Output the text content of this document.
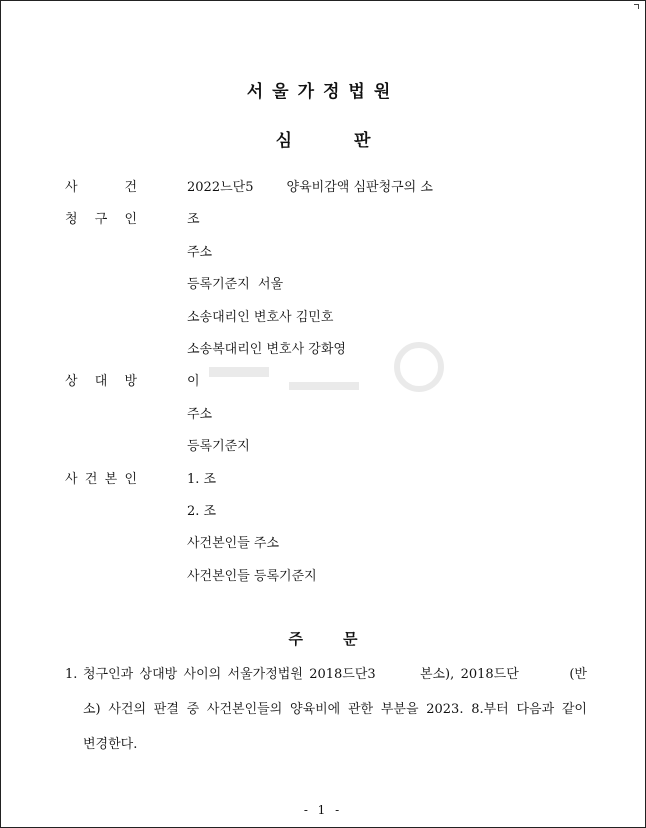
서울가정법원
심판
사	건	2022느단5        양육비감액 심판청구의 소
청 구 인	조
주소
등록기준지  서울
소송대리인 변호사 김민호
소송복대리인 변호사 강화영
상 대 방	이
주소
등록기준지
사 건 본 인	1. 조
2. 조
사건본인들 주소
사건본인들 등록기준지
주문
1. 청구인과 상대방 사이의 서울가정법원 2018드단3       본소), 2018드단        (반
소) 사건의 판결 중 사건본인들의 양육비에 관한 부분을 2023. 8.부터 다음과 같이
변경한다.
- 1 -
